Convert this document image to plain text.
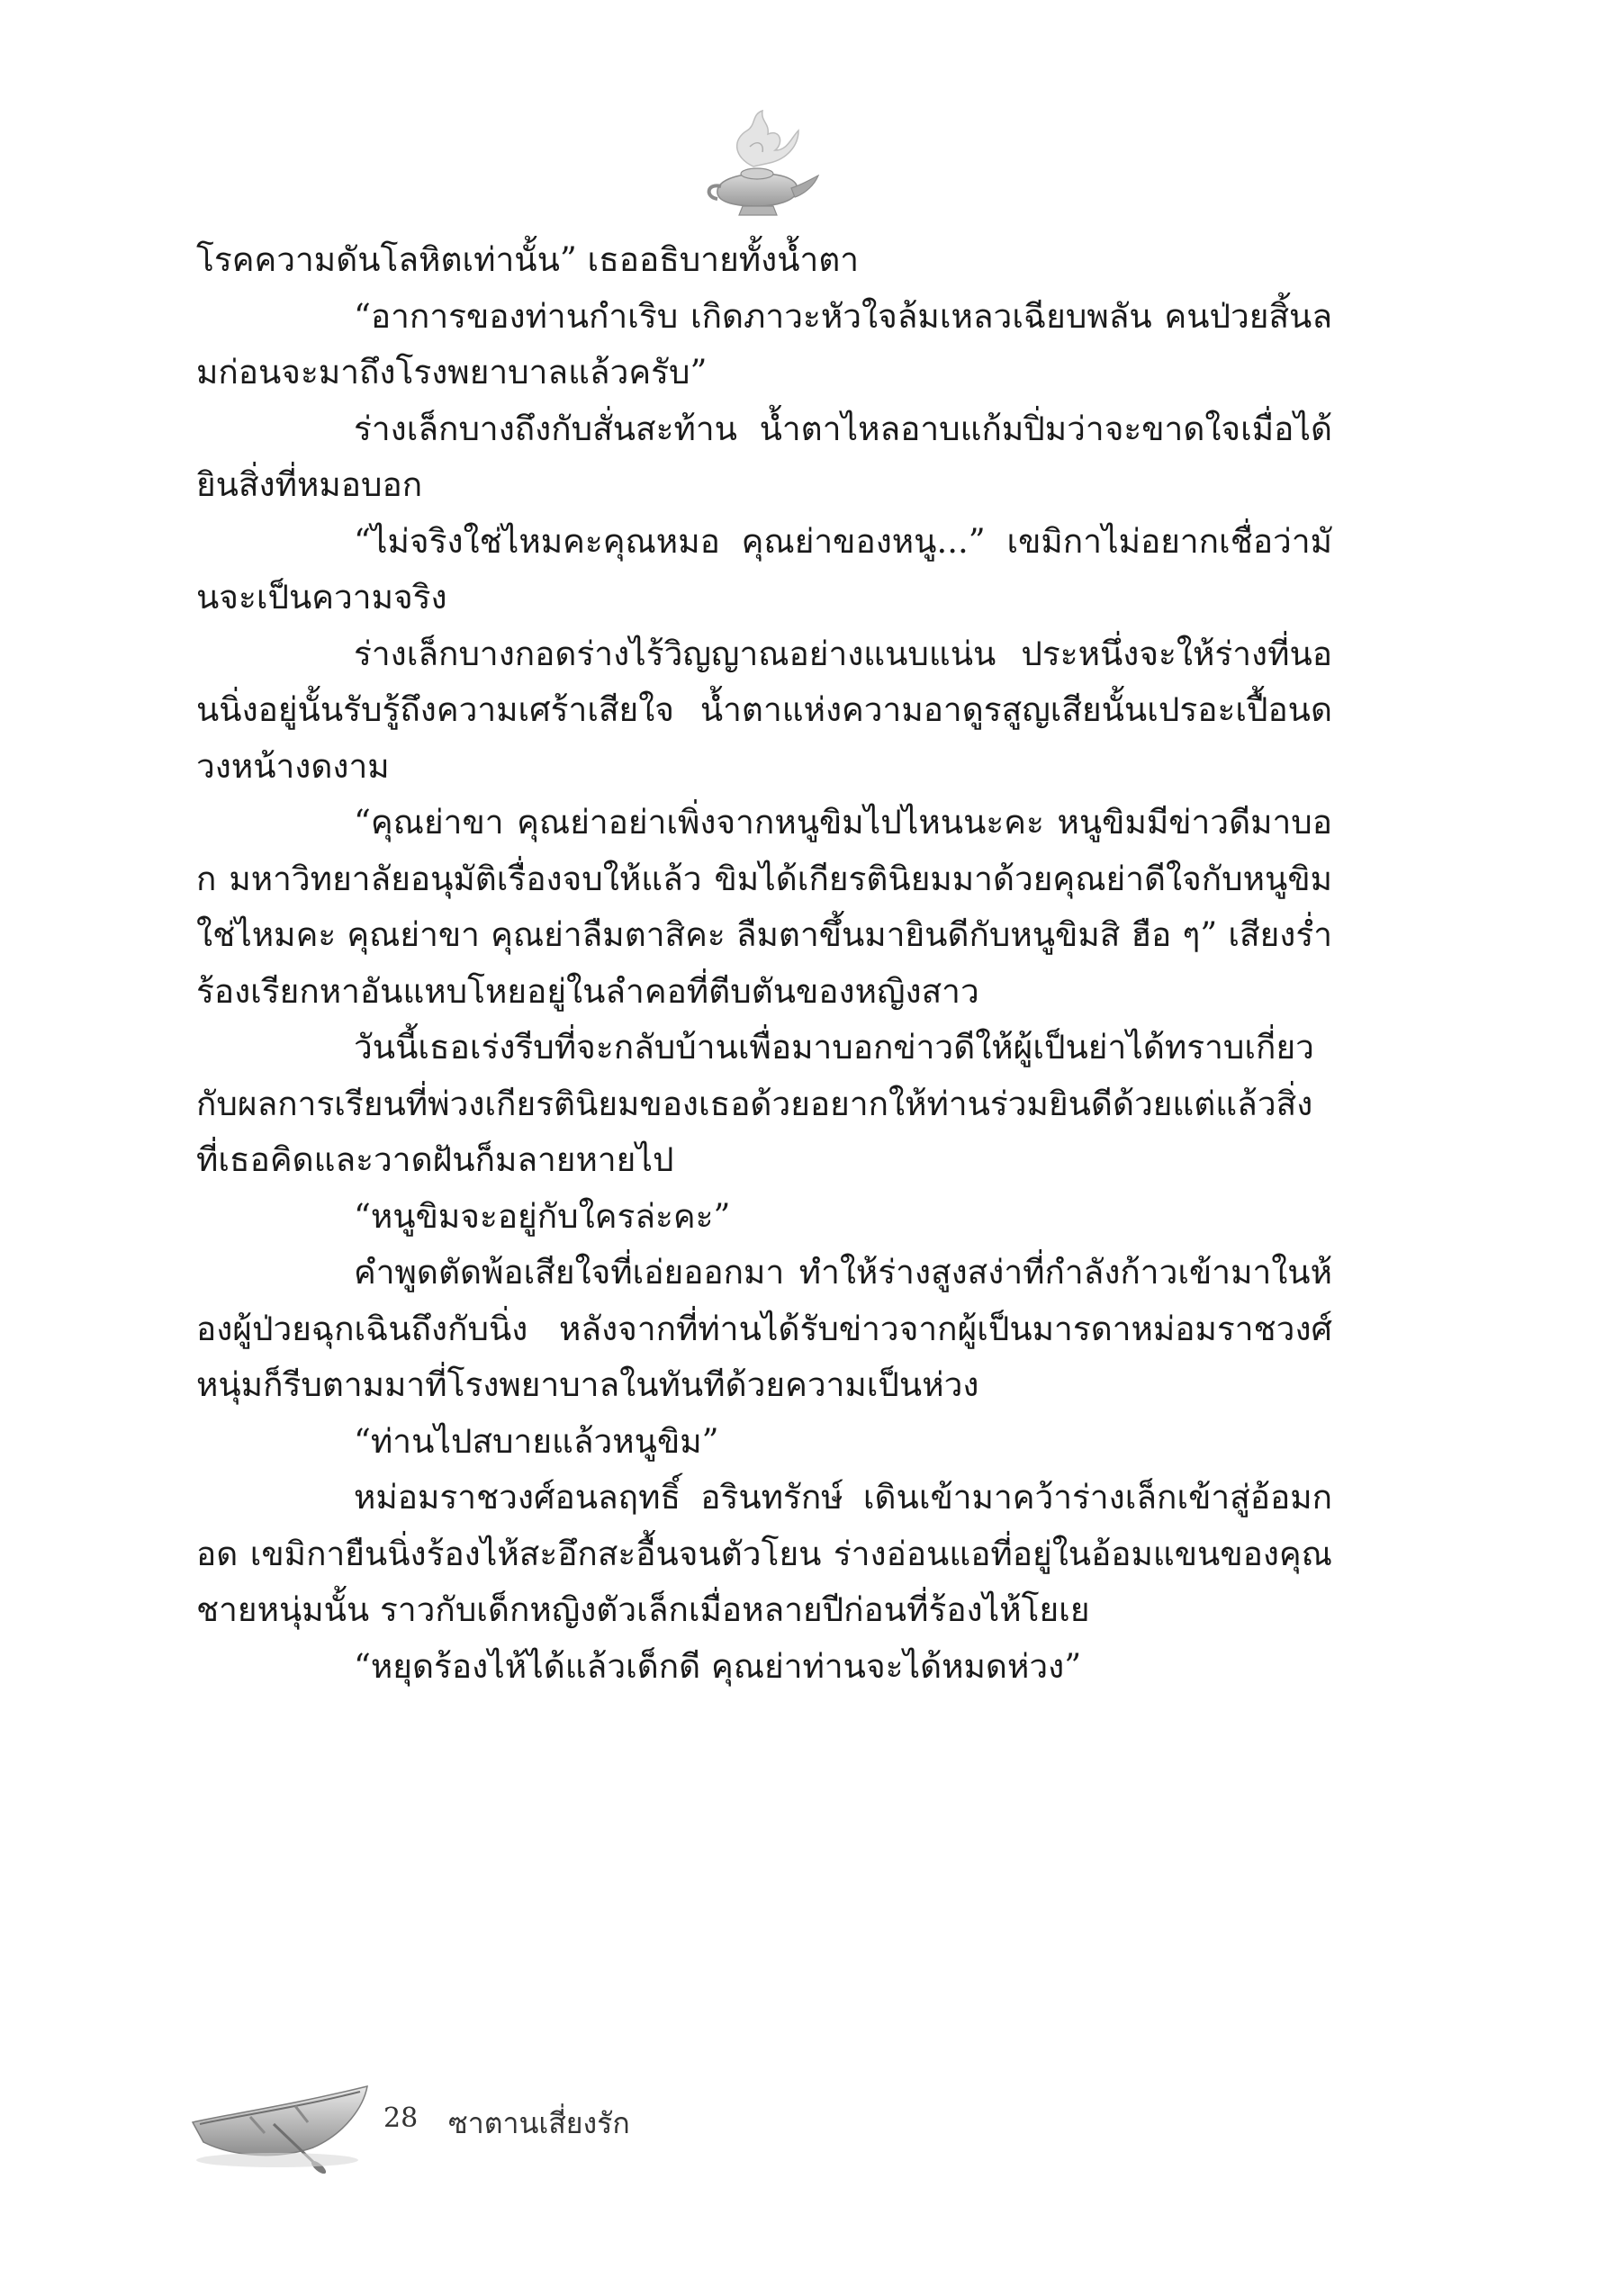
โรคความดันโลหิตเท่านั้น” เธออธิบายทั้งน้ำตา

“อาการของท่านกำเริบ เกิดภาวะหัวใจล้มเหลวเฉียบพลัน คนป่วยสิ้นลมก่อนจะมาถึงโรงพยาบาลแล้วครับ”

ร่างเล็กบางถึงกับสั่นสะท้าน น้ำตาไหลอาบแก้มปิ่มว่าจะขาดใจเมื่อได้ยินสิ่งที่หมอบอก

“ไม่จริงใช่ไหมคะคุณหมอ คุณย่าของหนู...” เขมิกาไม่อยากเชื่อว่ามันจะเป็นความจริง

ร่างเล็กบางกอดร่างไร้วิญญาณอย่างแนบแน่น ประหนึ่งจะให้ร่างที่นอนนิ่งอยู่นั้นรับรู้ถึงความเศร้าเสียใจ น้ำตาแห่งความอาดูรสูญเสียนั้นเปรอะเปื้อนดวงหน้างดงาม

“คุณย่าขา คุณย่าอย่าเพิ่งจากหนูขิมไปไหนนะคะ หนูขิมมีข่าวดีมาบอก มหาวิทยาลัยอนุมัติเรื่องจบให้แล้ว ขิมได้เกียรตินิยมมาด้วยคุณย่าดีใจกับหนูขิมใช่ไหมคะ คุณย่าขา คุณย่าลืมตาสิคะ ลืมตาขึ้นมายินดีกับหนูขิมสิ ฮือ ๆ” เสียงร่ำร้องเรียกหาอันแหบโหยอยู่ในลำคอที่ตีบตันของหญิงสาว

วันนี้เธอเร่งรีบที่จะกลับบ้านเพื่อมาบอกข่าวดีให้ผู้เป็นย่าได้ทราบเกี่ยวกับผลการเรียนที่พ่วงเกียรตินิยมของเธอด้วยอยากให้ท่านร่วมยินดีด้วยแต่แล้วสิ่งที่เธอคิดและวาดฝันก็มลายหายไป

“หนูขิมจะอยู่กับใครล่ะคะ”

คำพูดตัดพ้อเสียใจที่เอ่ยออกมา ทำให้ร่างสูงสง่าที่กำลังก้าวเข้ามาในห้องผู้ป่วยฉุกเฉินถึงกับนิ่ง หลังจากที่ท่านได้รับข่าวจากผู้เป็นมารดาหม่อมราชวงศ์หนุ่มก็รีบตามมาที่โรงพยาบาลในทันทีด้วยความเป็นห่วง

“ท่านไปสบายแล้วหนูขิม”

หม่อมราชวงศ์อนลฤทธิ์ อรินทรักษ์ เดินเข้ามาคว้าร่างเล็กเข้าสู่อ้อมกอด เขมิกายืนนิ่งร้องไห้สะอึกสะอื้นจนตัวโยน ร่างอ่อนแอที่อยู่ในอ้อมแขนของคุณชายหนุ่มนั้น ราวกับเด็กหญิงตัวเล็กเมื่อหลายปีก่อนที่ร้องไห้โยเย

“หยุดร้องไห้ได้แล้วเด็กดี คุณย่าท่านจะได้หมดห่วง”

28 ซาตานเสี่ยงรัก
